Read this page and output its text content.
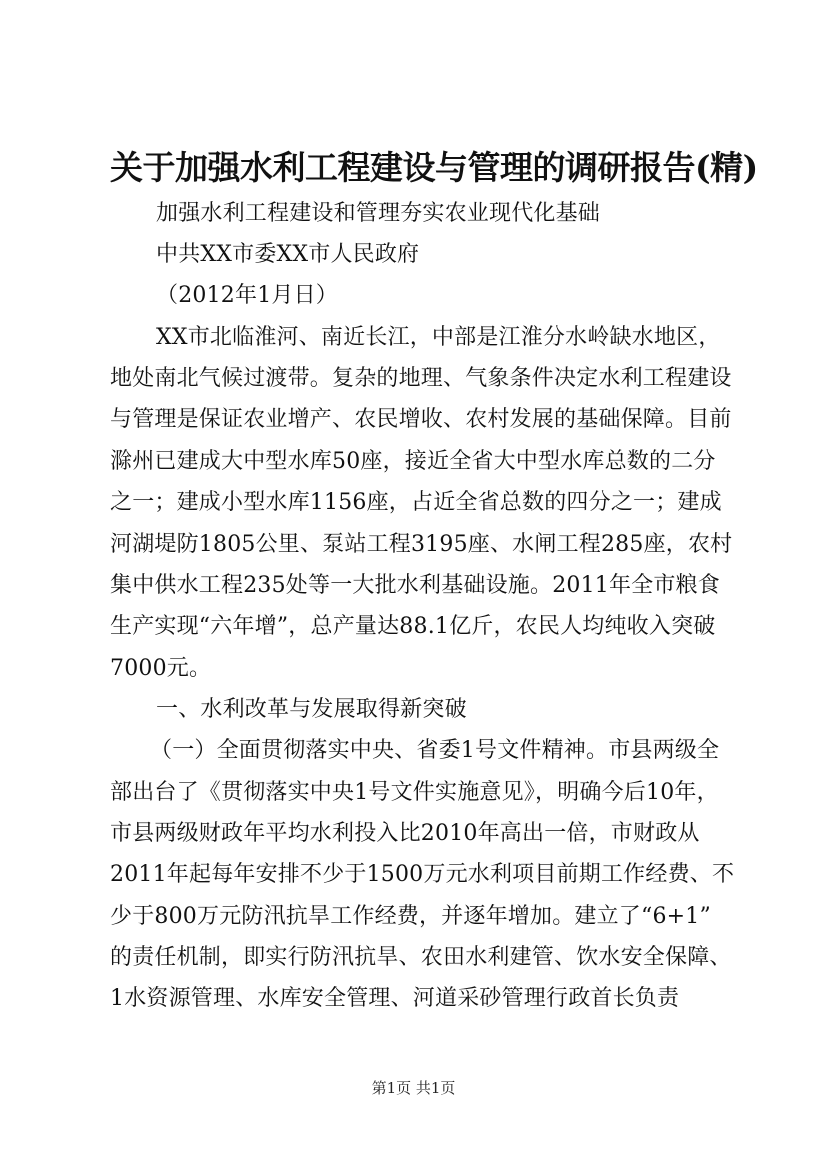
关于加强水利工程建设与管理的调研报告(精)
加强水利工程建设和管理夯实农业现代化基础
中共XX市委XX市人民政府
（2012年1月日）
XX市北临淮河、南近长江，中部是江淮分水岭缺水地区，
地处南北气候过渡带。复杂的地理、气象条件决定水利工程建设
与管理是保证农业增产、农民增收、农村发展的基础保障。目前
滁州已建成大中型水库50座，接近全省大中型水库总数的二分
之一；建成小型水库1156座，占近全省总数的四分之一；建成
河湖堤防1805公里、泵站工程3195座、水闸工程285座，农村
集中供水工程235处等一大批水利基础设施。2011年全市粮食
生产实现“六年增”，总产量达88.1亿斤，农民人均纯收入突破
7000元。
一、水利改革与发展取得新突破
（一）全面贯彻落实中央、省委1号文件精神。市县两级全
部出台了《贯彻落实中央1号文件实施意见》，明确今后10年，
市县两级财政年平均水利投入比2010年高出一倍，市财政从
2011年起每年安排不少于1500万元水利项目前期工作经费、不
少于800万元防汛抗旱工作经费，并逐年增加。建立了“6+1”
的责任机制，即实行防汛抗旱、农田水利建管、饮水安全保障、
1水资源管理、水库安全管理、河道采砂管理行政首长负责
第1页 共1页
